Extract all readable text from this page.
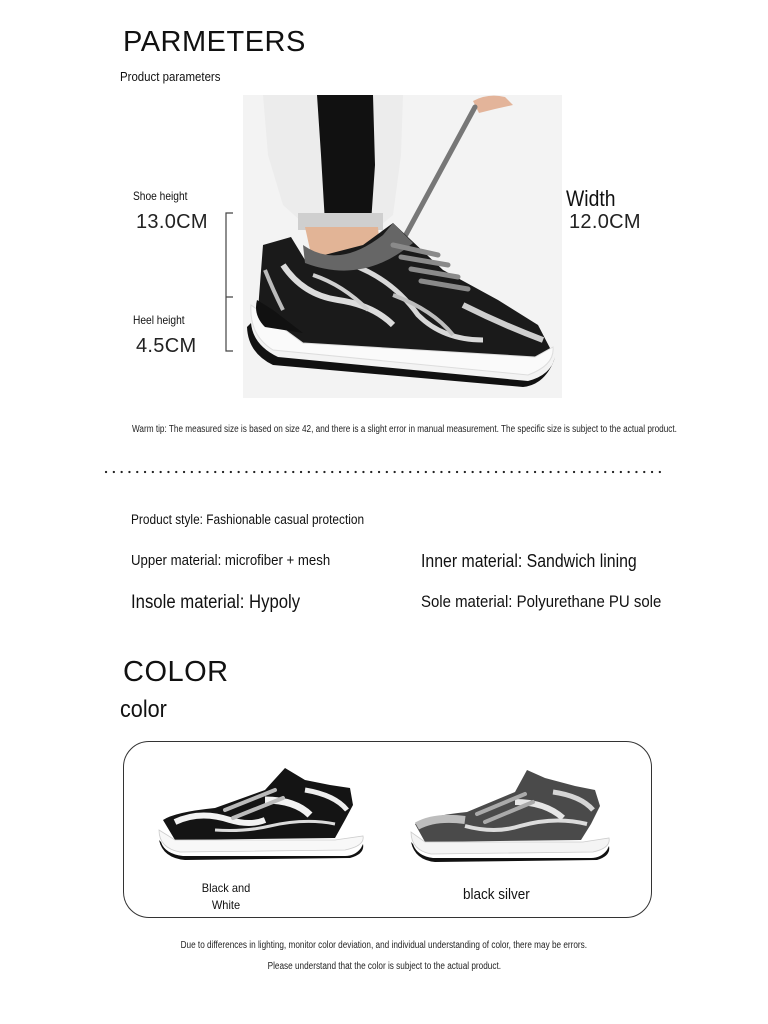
PARMETERS
Product parameters
Shoe height
13.0CM
Heel height
4.5CM
Width
12.0CM
Warm tip: The measured size is based on size 42, and there is a slight error in manual measurement. The specific size is subject to the actual product.
Product style: Fashionable casual protection
Upper material: microfiber + mesh	Inner material: Sandwich lining
Insole material: Hypoly	Sole material: Polyurethane PU sole
COLOR
color
Black and
White
black silver
Due to differences in lighting, monitor color deviation, and individual understanding of color, there may be errors.
Please understand that the color is subject to the actual product.
